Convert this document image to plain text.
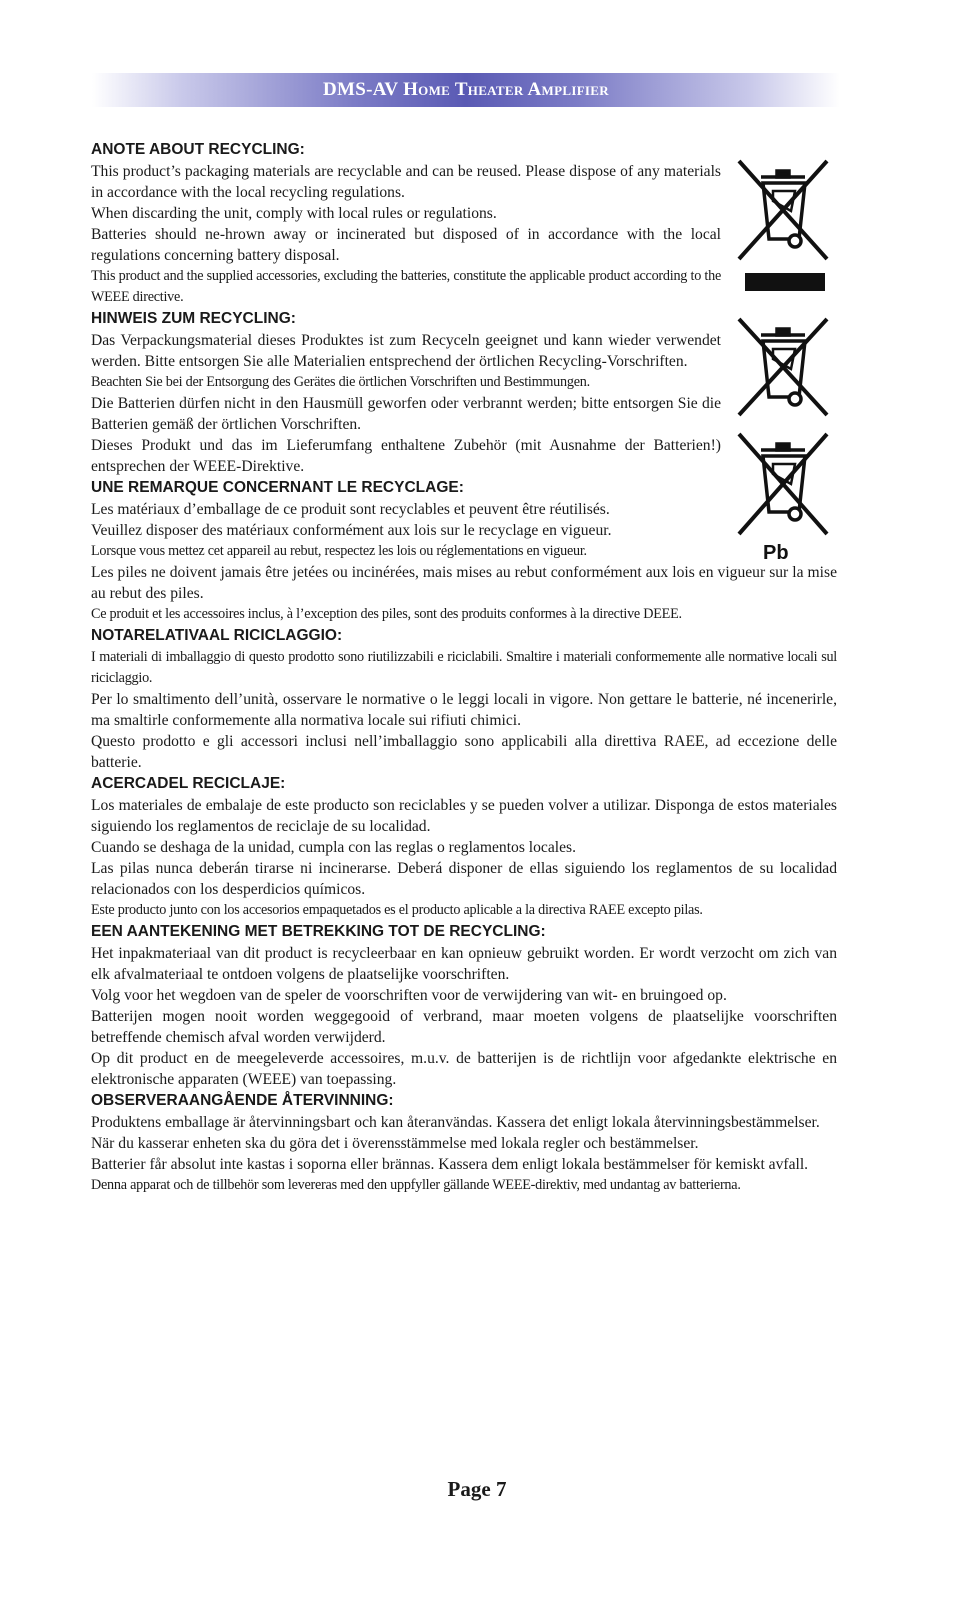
DMS-AV Home Theater Amplifier

ANOTE ABOUT RECYCLING:

This product’s packaging materials are recyclable and can be reused. Please dispose of any materials in accordance with the local recycling regulations.

When discarding the unit, comply with local rules or regulations.

Batteries should ne-hrown away or incinerated but disposed of in accordance with the local regulations concerning battery disposal.

This product and the supplied accessories, excluding the batteries, constitute the applicable product according to the WEEE directive.

HINWEIS ZUM RECYCLING:

Das Verpackungsmaterial dieses Produktes ist zum Recyceln geeignet und kann wieder verwendet werden. Bitte entsorgen Sie alle Materialien entsprechend der örtlichen Recycling-Vorschriften.

Beachten Sie bei der Entsorgung des Gerätes die örtlichen Vorschriften und Bestimmungen.

Die Batterien dürfen nicht in den Hausmüll geworfen oder verbrannt werden; bitte entsorgen Sie die Batterien gemäß der örtlichen Vorschriften.

Dieses Produkt und das im Lieferumfang enthaltene Zubehör (mit Ausnahme der Batterien!) entsprechen der WEEE-Direktive.

UNE REMARQUE CONCERNANT LE RECYCLAGE:

Les matériaux d’emballage de ce produit sont recyclables et peuvent être réutilisés.

Veuillez disposer des matériaux conformément aux lois sur le recyclage en vigueur.

Lorsque vous mettez cet appareil au rebut, respectez les lois ou réglementations en vigueur.

Les piles ne doivent jamais être jetées ou incinérées, mais mises au rebut conformément aux lois en vigueur sur la mise au rebut des piles.

Ce produit et les accessoires inclus, à l’exception des piles, sont des produits conformes à la directive DEEE.

NOTARELATIVAAL RICICLAGGIO:

I materiali di imballaggio di questo prodotto sono riutilizzabili e riciclabili. Smaltire i materiali conformemente alle normative locali sul riciclaggio.

Per lo smaltimento dell’unità, osservare le normative o le leggi locali in vigore. Non gettare le batterie, né incenerirle, ma smaltirle conformemente alla normativa locale sui rifiuti chimici.

Questo prodotto e gli accessori inclusi nell’imballaggio sono applicabili alla direttiva RAEE, ad eccezione delle batterie.

ACERCADEL RECICLAJE:

Los materiales de embalaje de este producto son reciclables y se pueden volver a utilizar. Disponga de estos materiales siguiendo los reglamentos de reciclaje de su localidad.

Cuando se deshaga de la unidad, cumpla con las reglas o reglamentos locales.

Las pilas nunca deberán tirarse ni incinerarse. Deberá disponer de ellas siguiendo los reglamentos de su localidad relacionados con los desperdicios químicos.

Este producto junto con los accesorios empaquetados es el producto aplicable a la directiva RAEE excepto pilas.

EEN AANTEKENING MET BETREKKING TOT DE RECYCLING:

Het inpakmateriaal van dit product is recycleerbaar en kan opnieuw gebruikt worden. Er wordt verzocht om zich van elk afvalmateriaal te ontdoen volgens de plaatselijke voorschriften.

Volg voor het wegdoen van de speler de voorschriften voor de verwijdering van wit- en bruingoed op.

Batterijen mogen nooit worden weggegooid of verbrand, maar moeten volgens de plaatselijke voorschriften betreffende chemisch afval worden verwijderd.

Op dit product en de meegeleverde accessoires, m.u.v. de batterijen is de richtlijn voor afgedankte elektrische en elektronische apparaten (WEEE) van toepassing.

OBSERVERAANGÅENDE ÅTERVINNING:

Produktens emballage är återvinningsbart och kan återanvändas. Kassera det enligt lokala återvinningsbestämmelser.

När du kasserar enheten ska du göra det i överensstämmelse med lokala regler och bestämmelser.

Batterier får absolut inte kastas i soporna eller brännas. Kassera dem enligt lokala bestämmelser för kemiskt avfall.

Denna apparat och de tillbehör som levereras med den uppfyller gällande WEEE-direktiv, med undantag av batterierna.

Pb
Page 7
